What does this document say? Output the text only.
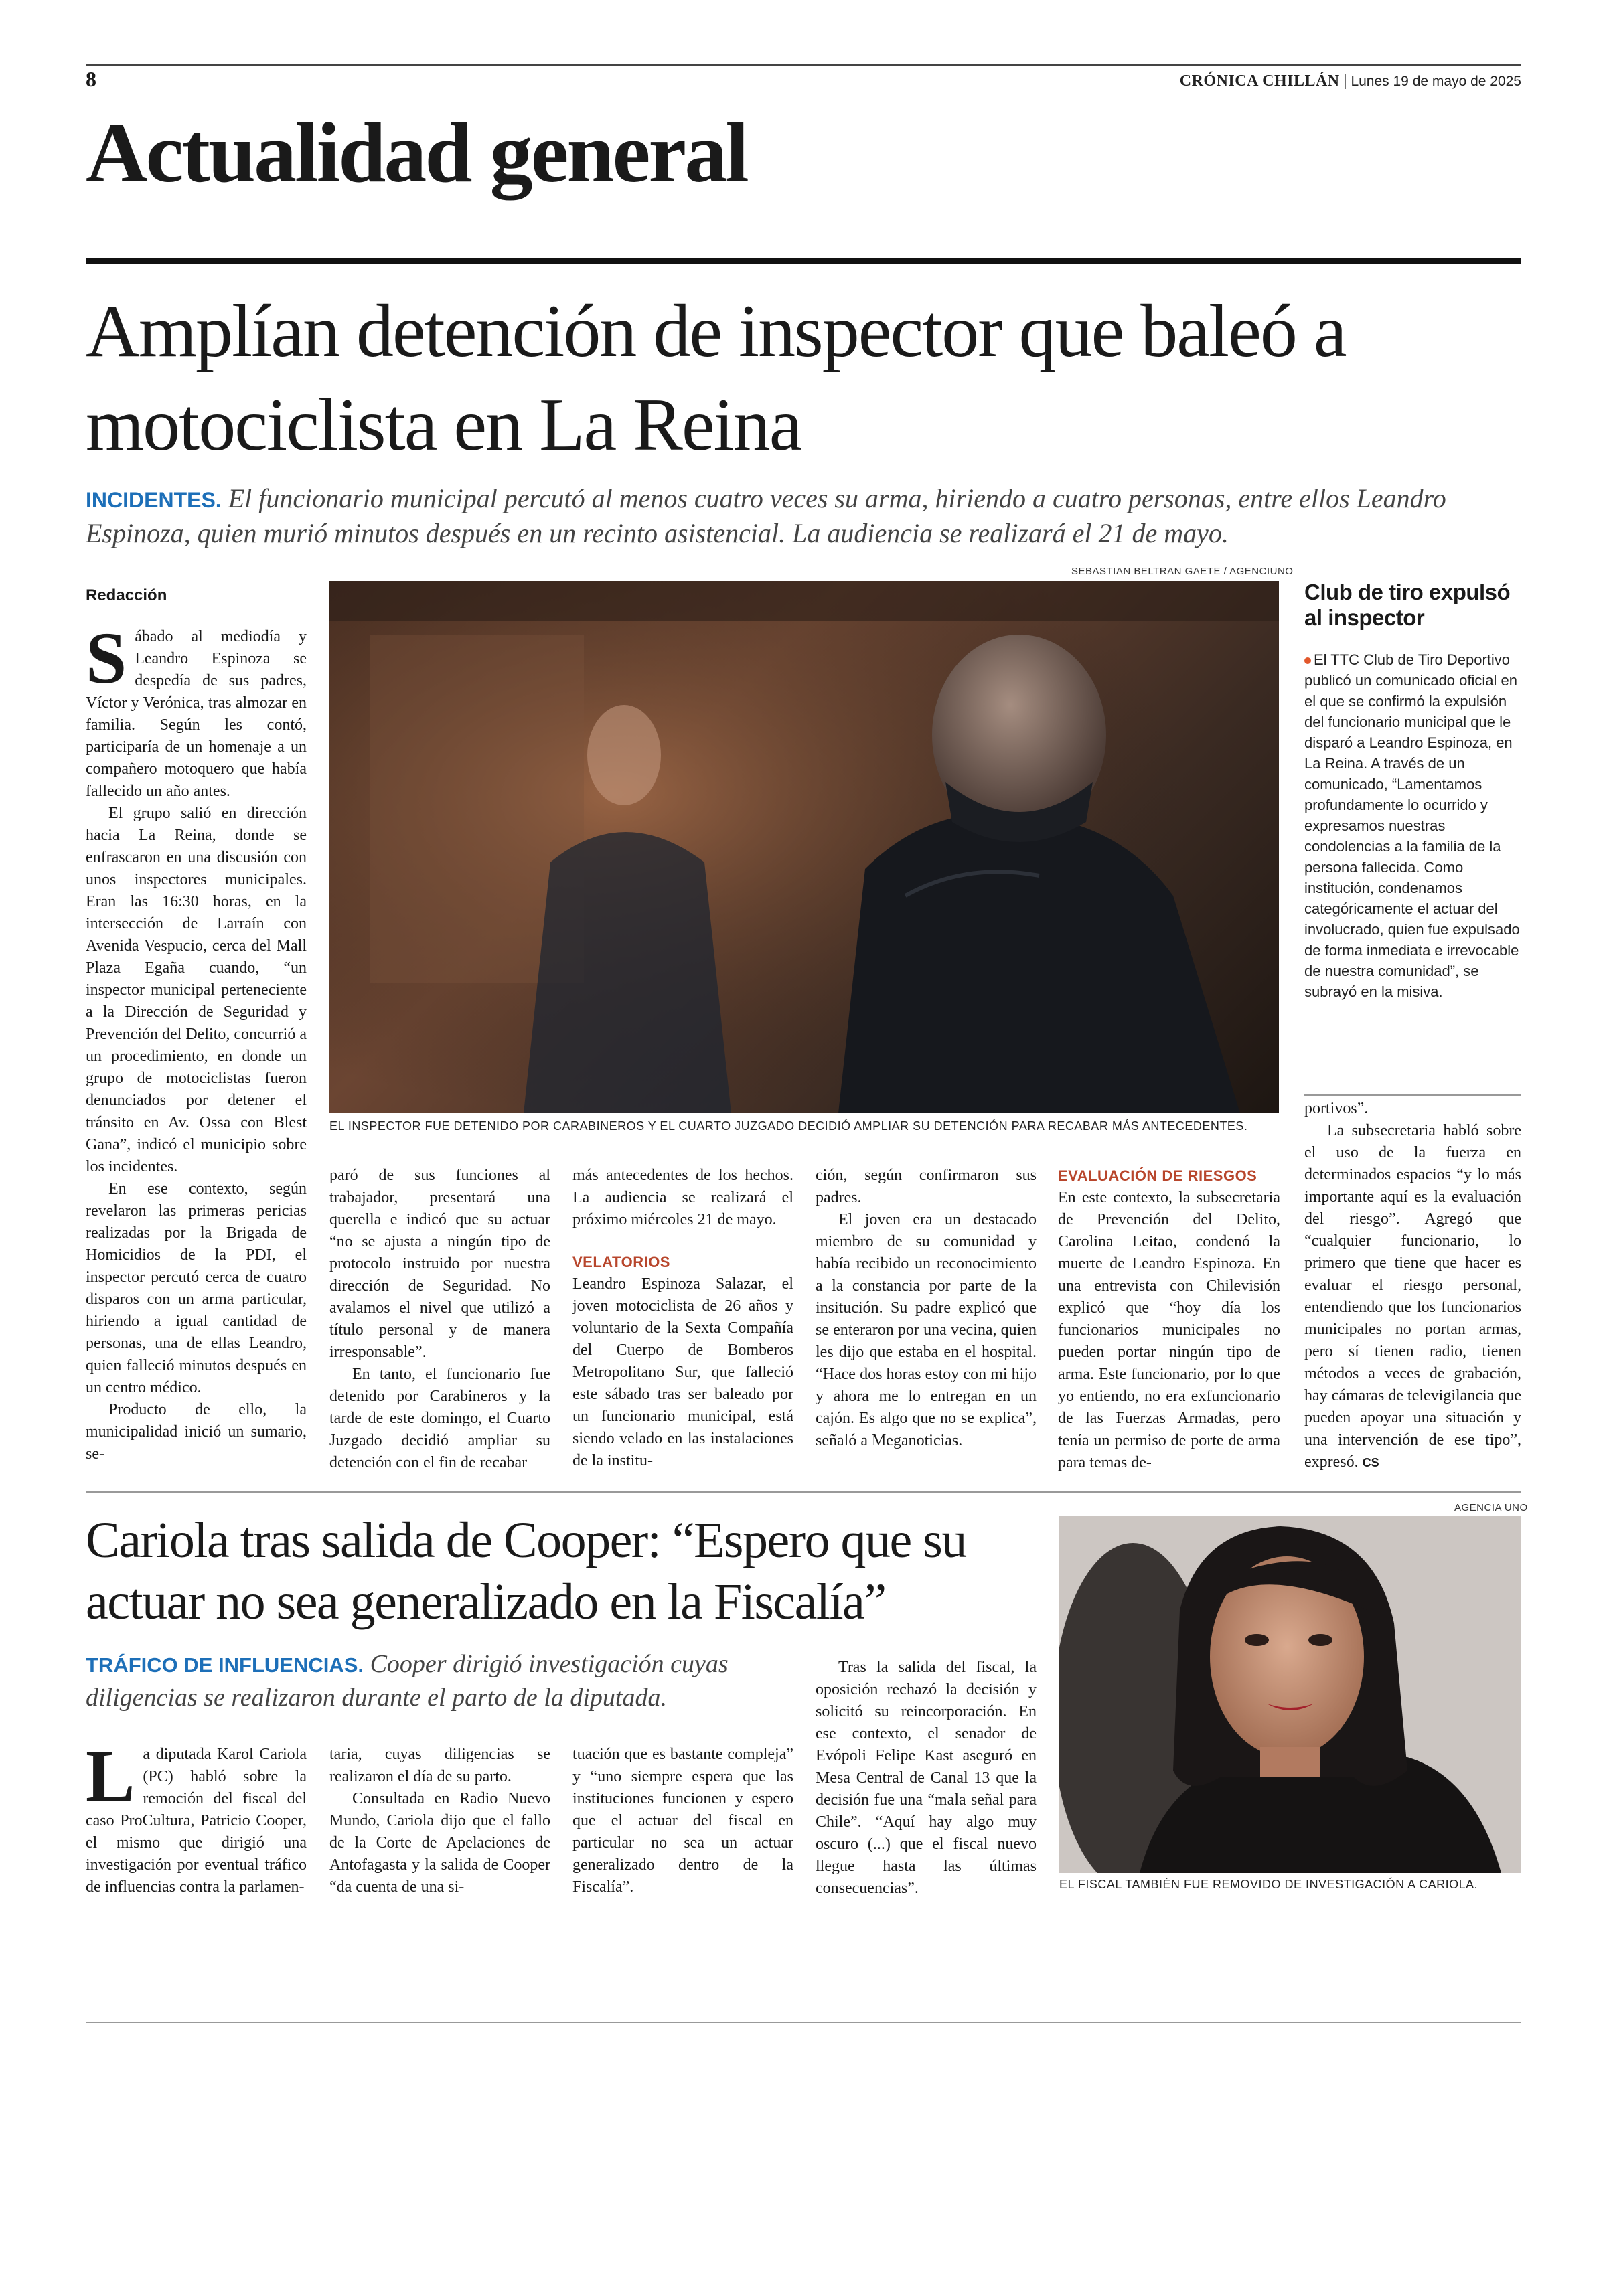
8	CRÓNICA CHILLÁN | Lunes 19 de mayo de 2025
Actualidad general
Amplían detención de inspector que baleó a motociclista en La Reina
INCIDENTES. El funcionario municipal percutó al menos cuatro veces su arma, hiriendo a cuatro personas, entre ellos Leandro Espinoza, quien murió minutos después en un recinto asistencial. La audiencia se realizará el 21 de mayo.
SEBASTIAN BELTRAN GAETE / AGENCIUNO
Redacción
EL INSPECTOR FUE DETENIDO POR CARABINEROS Y EL CUARTO JUZGADO DECIDIÓ AMPLIAR SU DETENCIÓN PARA RECABAR MÁS ANTECEDENTES.
Club de tiro expulsó al inspector
El TTC Club de Tiro Deportivo publicó un comunicado oficial en el que se confirmó la expulsión del funcionario municipal que le disparó a Leandro Espinoza, en La Reina. A través de un comunicado, “Lamentamos profundamente lo ocurrido y expresamos nuestras condolencias a la familia de la persona fallecida. Como institución, condenamos categóricamente el actuar del involucrado, quien fue expulsado de forma inmediata e irrevocable de nuestra comunidad”, se subrayó en la misiva.
S ábado al mediodía y Leandro Espinoza se despedía de sus padres, Víctor y Verónica, tras almozar en familia. Según les contó, participaría de un homenaje a un compañero motoquero que había fallecido un año antes.

El grupo salió en dirección hacia La Reina, donde se enfrascaron en una discusión con unos inspectores municipales. Eran las 16:30 horas, en la intersección de Larraín con Avenida Vespucio, cerca del Mall Plaza Egaña cuando, “un inspector municipal perteneciente a la Dirección de Seguridad y Prevención del Delito, concurrió a un procedimiento, en donde un grupo de motociclistas fueron denunciados por detener el tránsito en Av. Ossa con Blest Gana”, indicó el municipio sobre los incidentes.

En ese contexto, según revelaron las primeras pericias realizadas por la Brigada de Homicidios de la PDI, el inspector percutó cerca de cuatro disparos con un arma particular, hiriendo a igual cantidad de personas, una de ellas Leandro, quien falleció minutos después en un centro médico.

Producto de ello, la municipalidad inició un sumario, se-

paró de sus funciones al trabajador, presentará una querella e indicó que su actuar “no se ajusta a ningún tipo de protocolo instruido por nuestra dirección de Seguridad. No avalamos el nivel que utilizó a título personal y de manera irresponsable”.

En tanto, el funcionario fue detenido por Carabineros y la tarde de este domingo, el Cuarto Juzgado decidió ampliar su detención con el fin de recabar

más antecedentes de los hechos. La audiencia se realizará el próximo miércoles 21 de mayo.

VELATORIOS

Leandro Espinoza Salazar, el joven motociclista de 26 años y voluntario de la Sexta Compañía del Cuerpo de Bomberos Metropolitano Sur, que falleció este sábado tras ser baleado por un funcionario municipal, está siendo velado en las instalaciones de la institu-

ción, según confirmaron sus padres.

El joven era un destacado miembro de su comunidad y había recibido un reconocimiento a la constancia por parte de la insitución. Su padre explicó que se enteraron por una vecina, quien les dijo que estaba en el hospital. “Hace dos horas estoy con mi hijo y ahora me lo entregan en un cajón. Es algo que no se explica”, señaló a Meganoticias.

EVALUACIÓN DE RIESGOS

En este contexto, la subsecretaria de Prevención del Delito, Carolina Leitao, condenó la muerte de Leandro Espinoza. En una entrevista con Chilevisión explicó que “hoy día los funcionarios municipales no pueden portar ningún tipo de arma. Este funcionario, por lo que yo entiendo, no era exfuncionario de las Fuerzas Armadas, pero tenía un permiso de porte de arma para temas de-

portivos”.

La subsecretaria habló sobre el uso de la fuerza en determinados espacios “y lo más importante aquí es la evaluación del riesgo”. Agregó que “cualquier funcionario, lo primero que tiene que hacer es evaluar el riesgo personal, entendiendo que los funcionarios municipales no portan armas, pero sí tienen radio, tienen métodos a veces de grabación, hay cámaras de televigilancia que pueden apoyar una situación y una intervención de ese tipo”, expresó. CS

Cariola tras salida de Cooper: “Espero que su actuar no sea generalizado en la Fiscalía”
TRÁFICO DE INFLUENCIAS. Cooper dirigió investigación cuyas diligencias se realizaron durante el parto de la diputada.
AGENCIA UNO
EL FISCAL TAMBIÉN FUE REMOVIDO DE INVESTIGACIÓN A CARIOLA.
L a diputada Karol Cariola (PC) habló sobre la remoción del fiscal del caso ProCultura, Patricio Cooper, el mismo que dirigió una investigación por eventual tráfico de influencias contra la parlamen-

taria, cuyas diligencias se realizaron el día de su parto.

Consultada en Radio Nuevo Mundo, Cariola dijo que el fallo de la Corte de Apelaciones de Antofagasta y la salida de Cooper “da cuenta de una si-

tuación que es bastante compleja” y “uno siempre espera que las instituciones funcionen y espero que el actuar del fiscal en particular no sea un actuar generalizado dentro de la Fiscalía”.

Tras la salida del fiscal, la oposición rechazó la decisión y solicitó su reincorporación. En ese contexto, el senador de Evópoli Felipe Kast aseguró en Mesa Central de Canal 13 que la decisión fue una “mala señal para Chile”. “Aquí hay algo muy oscuro (...) que el fiscal nuevo llegue hasta las últimas consecuencias”.
